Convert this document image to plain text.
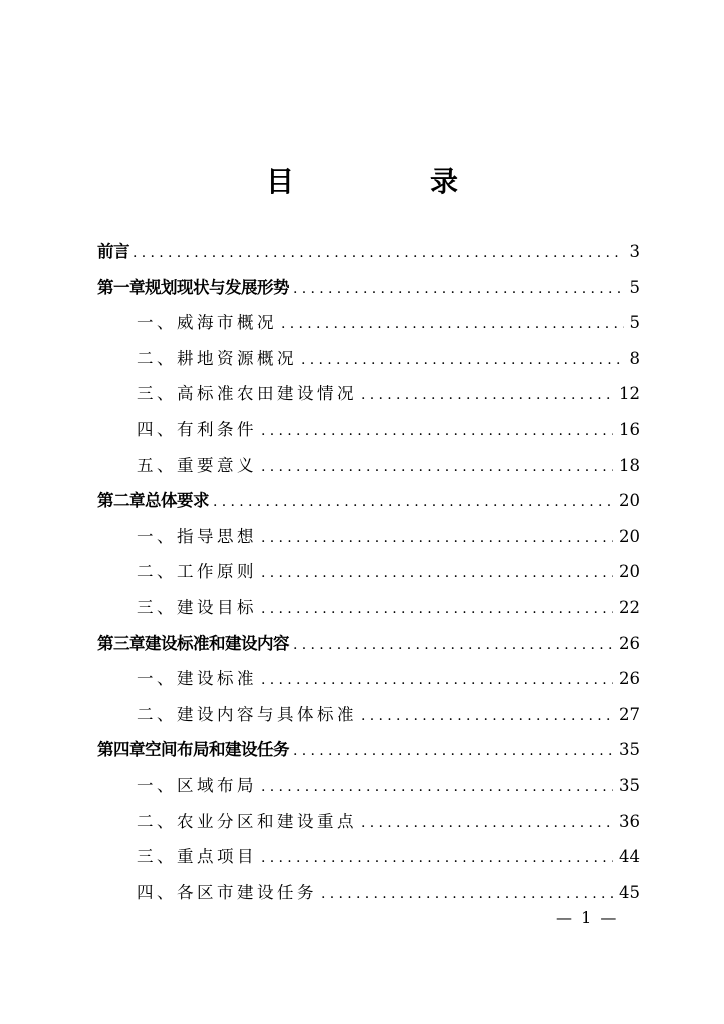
目　录
前言 .....	3
第一章规划现状与发展形势 .....	5
一、威海市概况 .....	5
二、耕地资源概况 .....	8
三、高标准农田建设情况 .....	12
四、有利条件 .....	16
五、重要意义 .....	18
第二章总体要求 .....	20
一、指导思想 .....	20
二、工作原则 .....	20
三、建设目标 .....	22
第三章建设标准和建设内容 .....	26
一、建设标准 .....	26
二、建设内容与具体标准 .....	27
第四章空间布局和建设任务 .....	35
一、区域布局 .....	35
二、农业分区和建设重点 .....	36
三、重点项目 .....	44
四、各区市建设任务 .....	45
— 1 —
